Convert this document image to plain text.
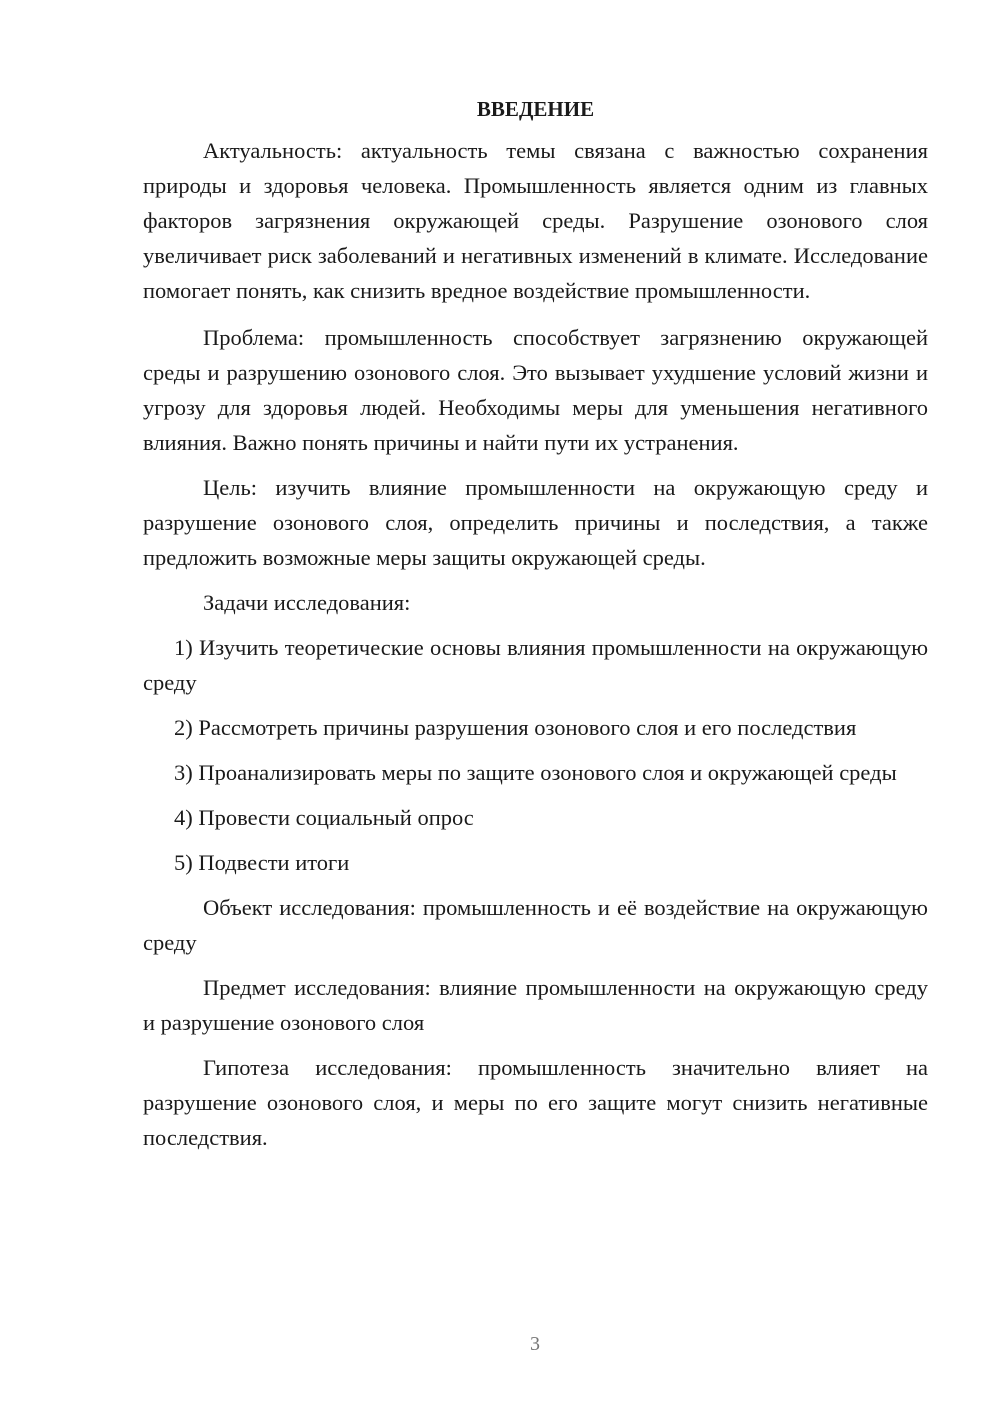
ВВЕДЕНИЕ

Актуальность: актуальность темы связана с важностью сохранения природы и здоровья человека. Промышленность является одним из главных факторов загрязнения окружающей среды. Разрушение озонового слоя увеличивает риск заболеваний и негативных изменений в климате. Исследование помогает понять, как снизить вредное воздействие промышленности.

Проблема: промышленность способствует загрязнению окружающей среды и разрушению озонового слоя. Это вызывает ухудшение условий жизни и угрозу для здоровья людей. Необходимы меры для уменьшения негативного влияния. Важно понять причины и найти пути их устранения.

Цель: изучить влияние промышленности на окружающую среду и разрушение озонового слоя, определить причины и последствия, а также предложить возможные меры защиты окружающей среды.

Задачи исследования:

1) Изучить теоретические основы влияния промышленности на окружающую среду

2) Рассмотреть причины разрушения озонового слоя и его последствия

3) Проанализировать меры по защите озонового слоя и окружающей среды

4) Провести социальный опрос

5) Подвести итоги

Объект исследования: промышленность и её воздействие на окружающую среду

Предмет исследования: влияние промышленности на окружающую среду и разрушение озонового слоя

Гипотеза исследования: промышленность значительно влияет на разрушение озонового слоя, и меры по его защите могут снизить негативные последствия.

3
